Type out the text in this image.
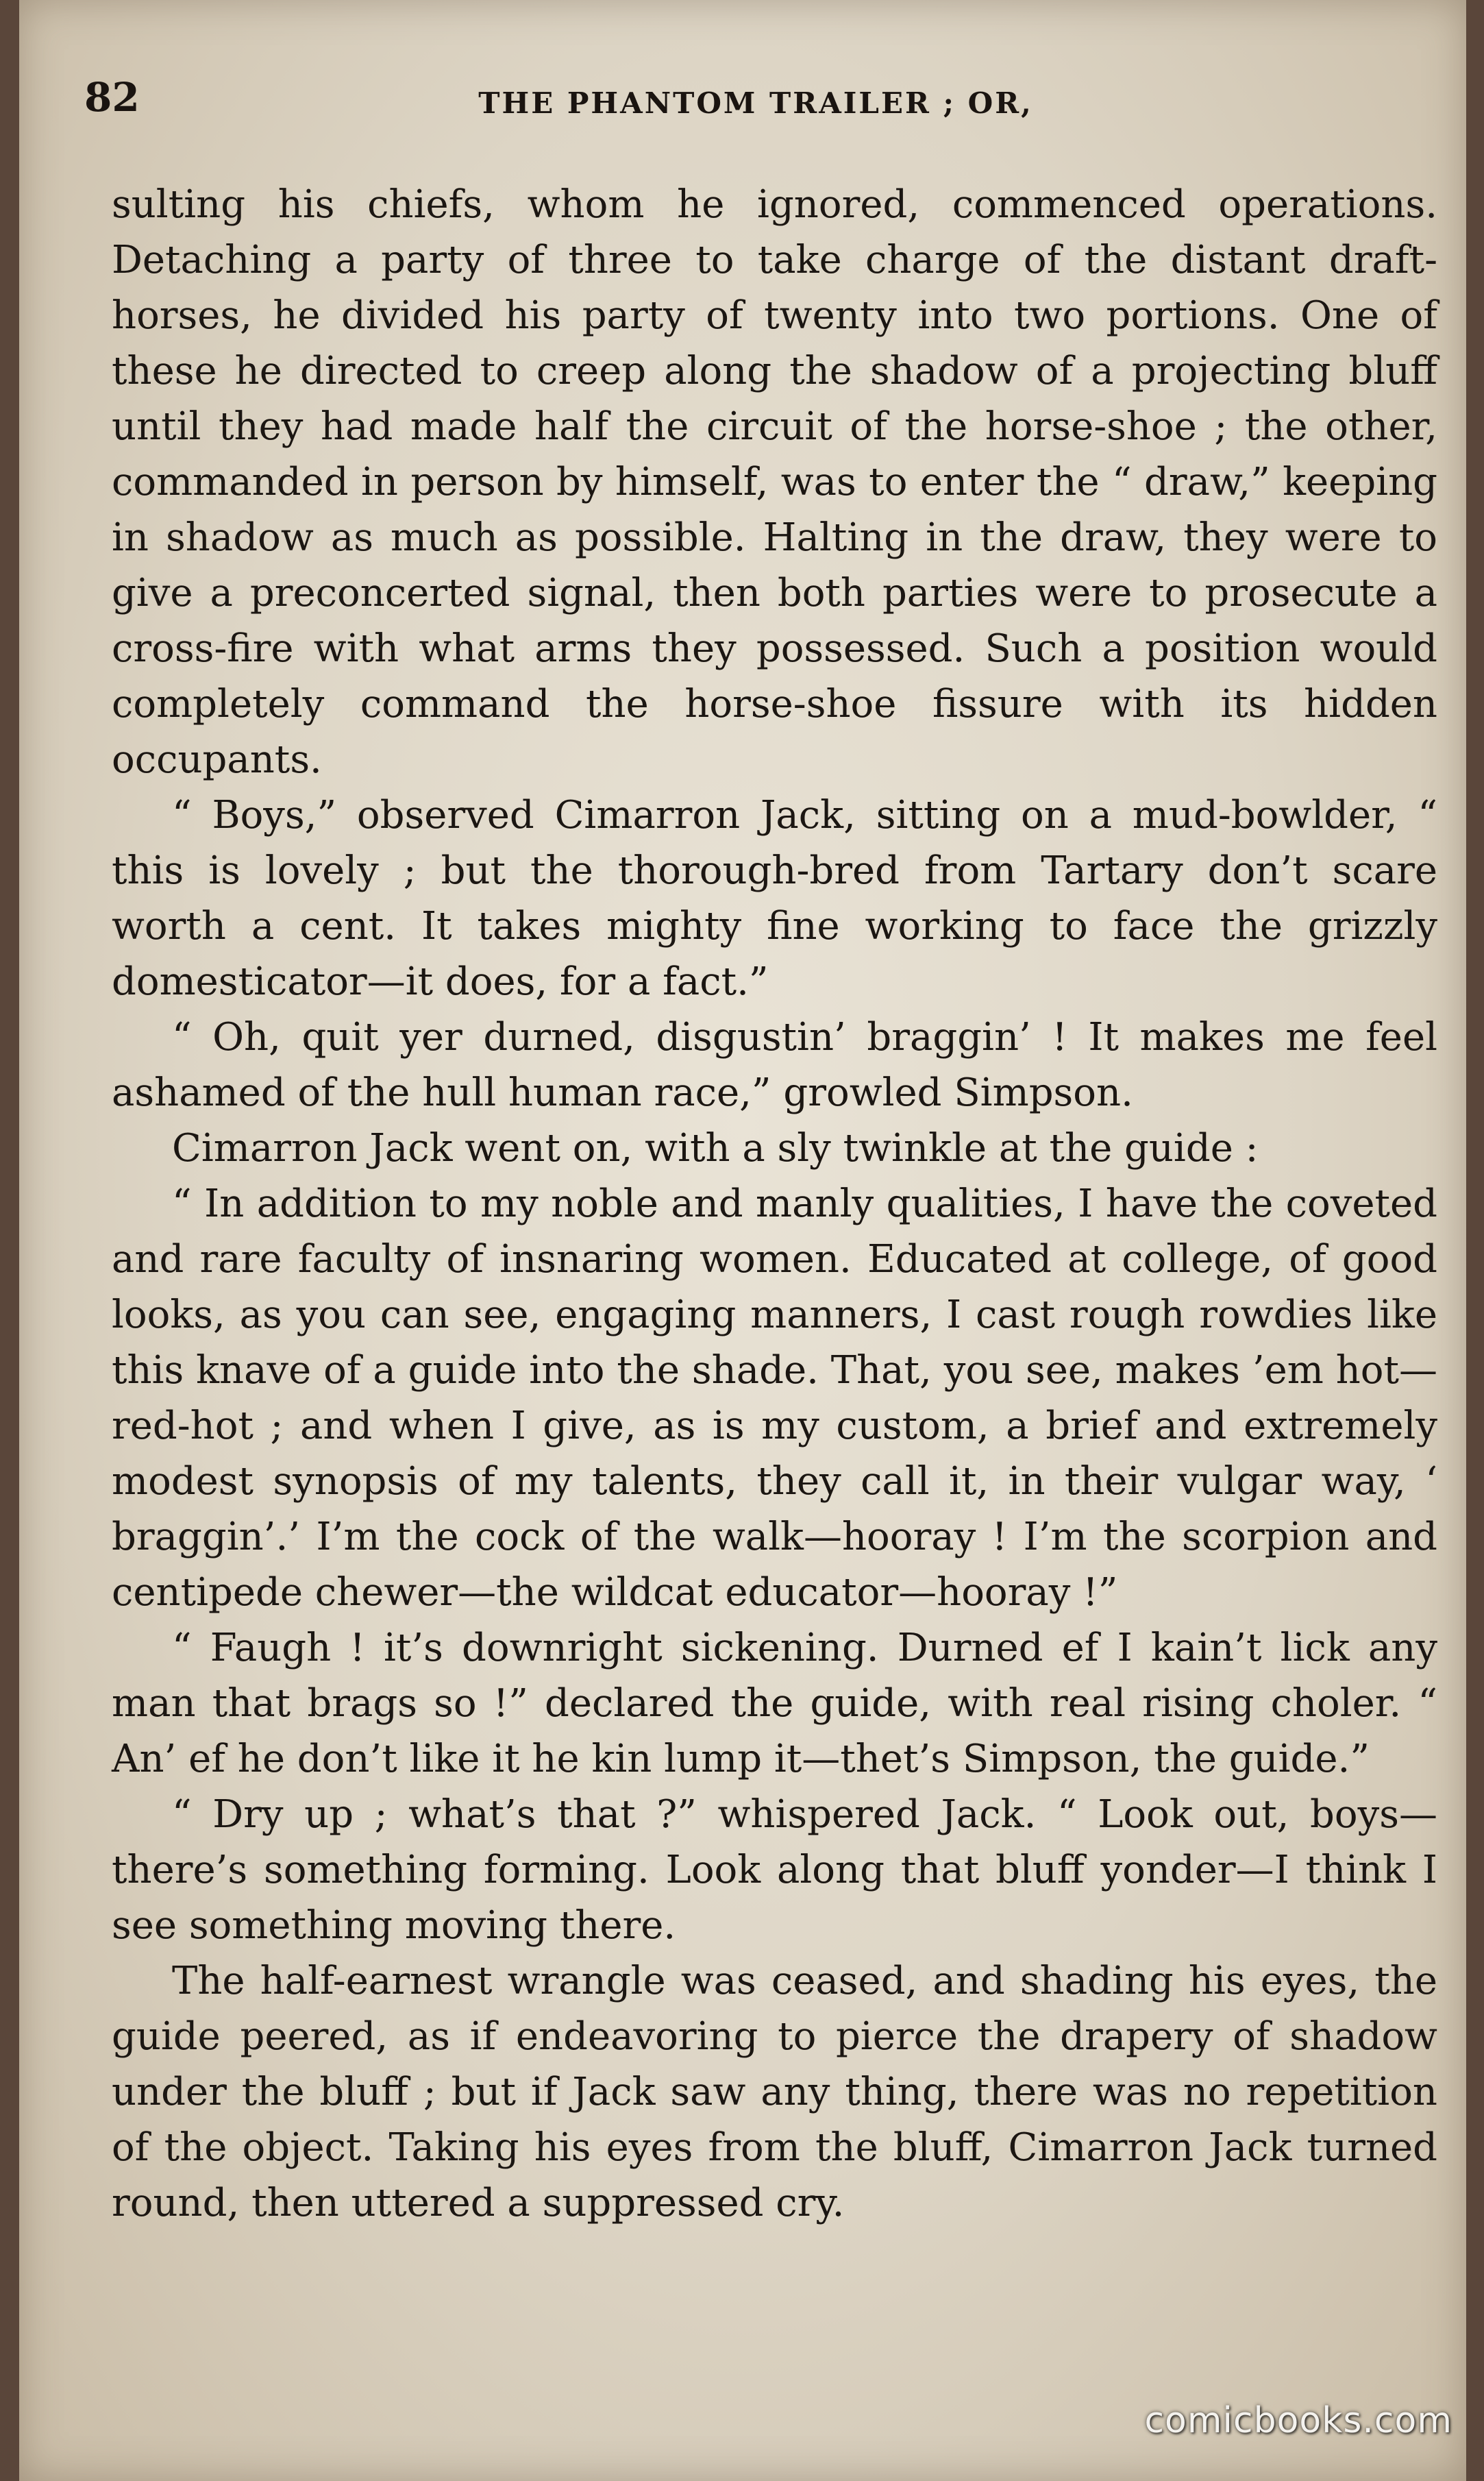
82	THE PHANTOM TRAILER ; OR,

sulting his chiefs, whom he ignored, commenced operations. Detaching a party of three to take charge of the distant draft-horses, he divided his party of twenty into two portions. One of these he directed to creep along the shadow of a projecting bluff until they had made half the circuit of the horse-shoe ; the other, commanded in person by himself, was to enter the “ draw,” keeping in shadow as much as possible. Halting in the draw, they were to give a preconcerted signal, then both parties were to prosecute a cross-fire with what arms they possessed. Such a position would completely command the horse-shoe fissure with its hidden occupants.

“ Boys,” observed Cimarron Jack, sitting on a mud-bowlder, “ this is lovely ; but the thorough-bred from Tartary don’t scare worth a cent. It takes mighty fine working to face the grizzly domesticator—it does, for a fact.”

“ Oh, quit yer durned, disgustin’ braggin’ ! It makes me feel ashamed of the hull human race,” growled Simpson.

Cimarron Jack went on, with a sly twinkle at the guide :

“ In addition to my noble and manly qualities, I have the coveted and rare faculty of insnaring women. Educated at college, of good looks, as you can see, engaging manners, I cast rough rowdies like this knave of a guide into the shade. That, you see, makes ’em hot—red-hot ; and when I give, as is my custom, a brief and extremely modest synopsis of my talents, they call it, in their vulgar way, ‘ braggin’.’ I’m the cock of the walk—hooray ! I’m the scorpion and centipede chewer—the wildcat educator—hooray !”

“ Faugh ! it’s downright sickening. Durned ef I kain’t lick any man that brags so !” declared the guide, with real rising choler. “ An’ ef he don’t like it he kin lump it—thet’s Simpson, the guide.”

“ Dry up ; what’s that ?” whispered Jack. “ Look out, boys—there’s something forming. Look along that bluff yonder—I think I see something moving there.

The half-earnest wrangle was ceased, and shading his eyes, the guide peered, as if endeavoring to pierce the drapery of shadow under the bluff ; but if Jack saw any thing, there was no repetition of the object. Taking his eyes from the bluff, Cimarron Jack turned round, then uttered a suppressed cry.

comicbooks.com
